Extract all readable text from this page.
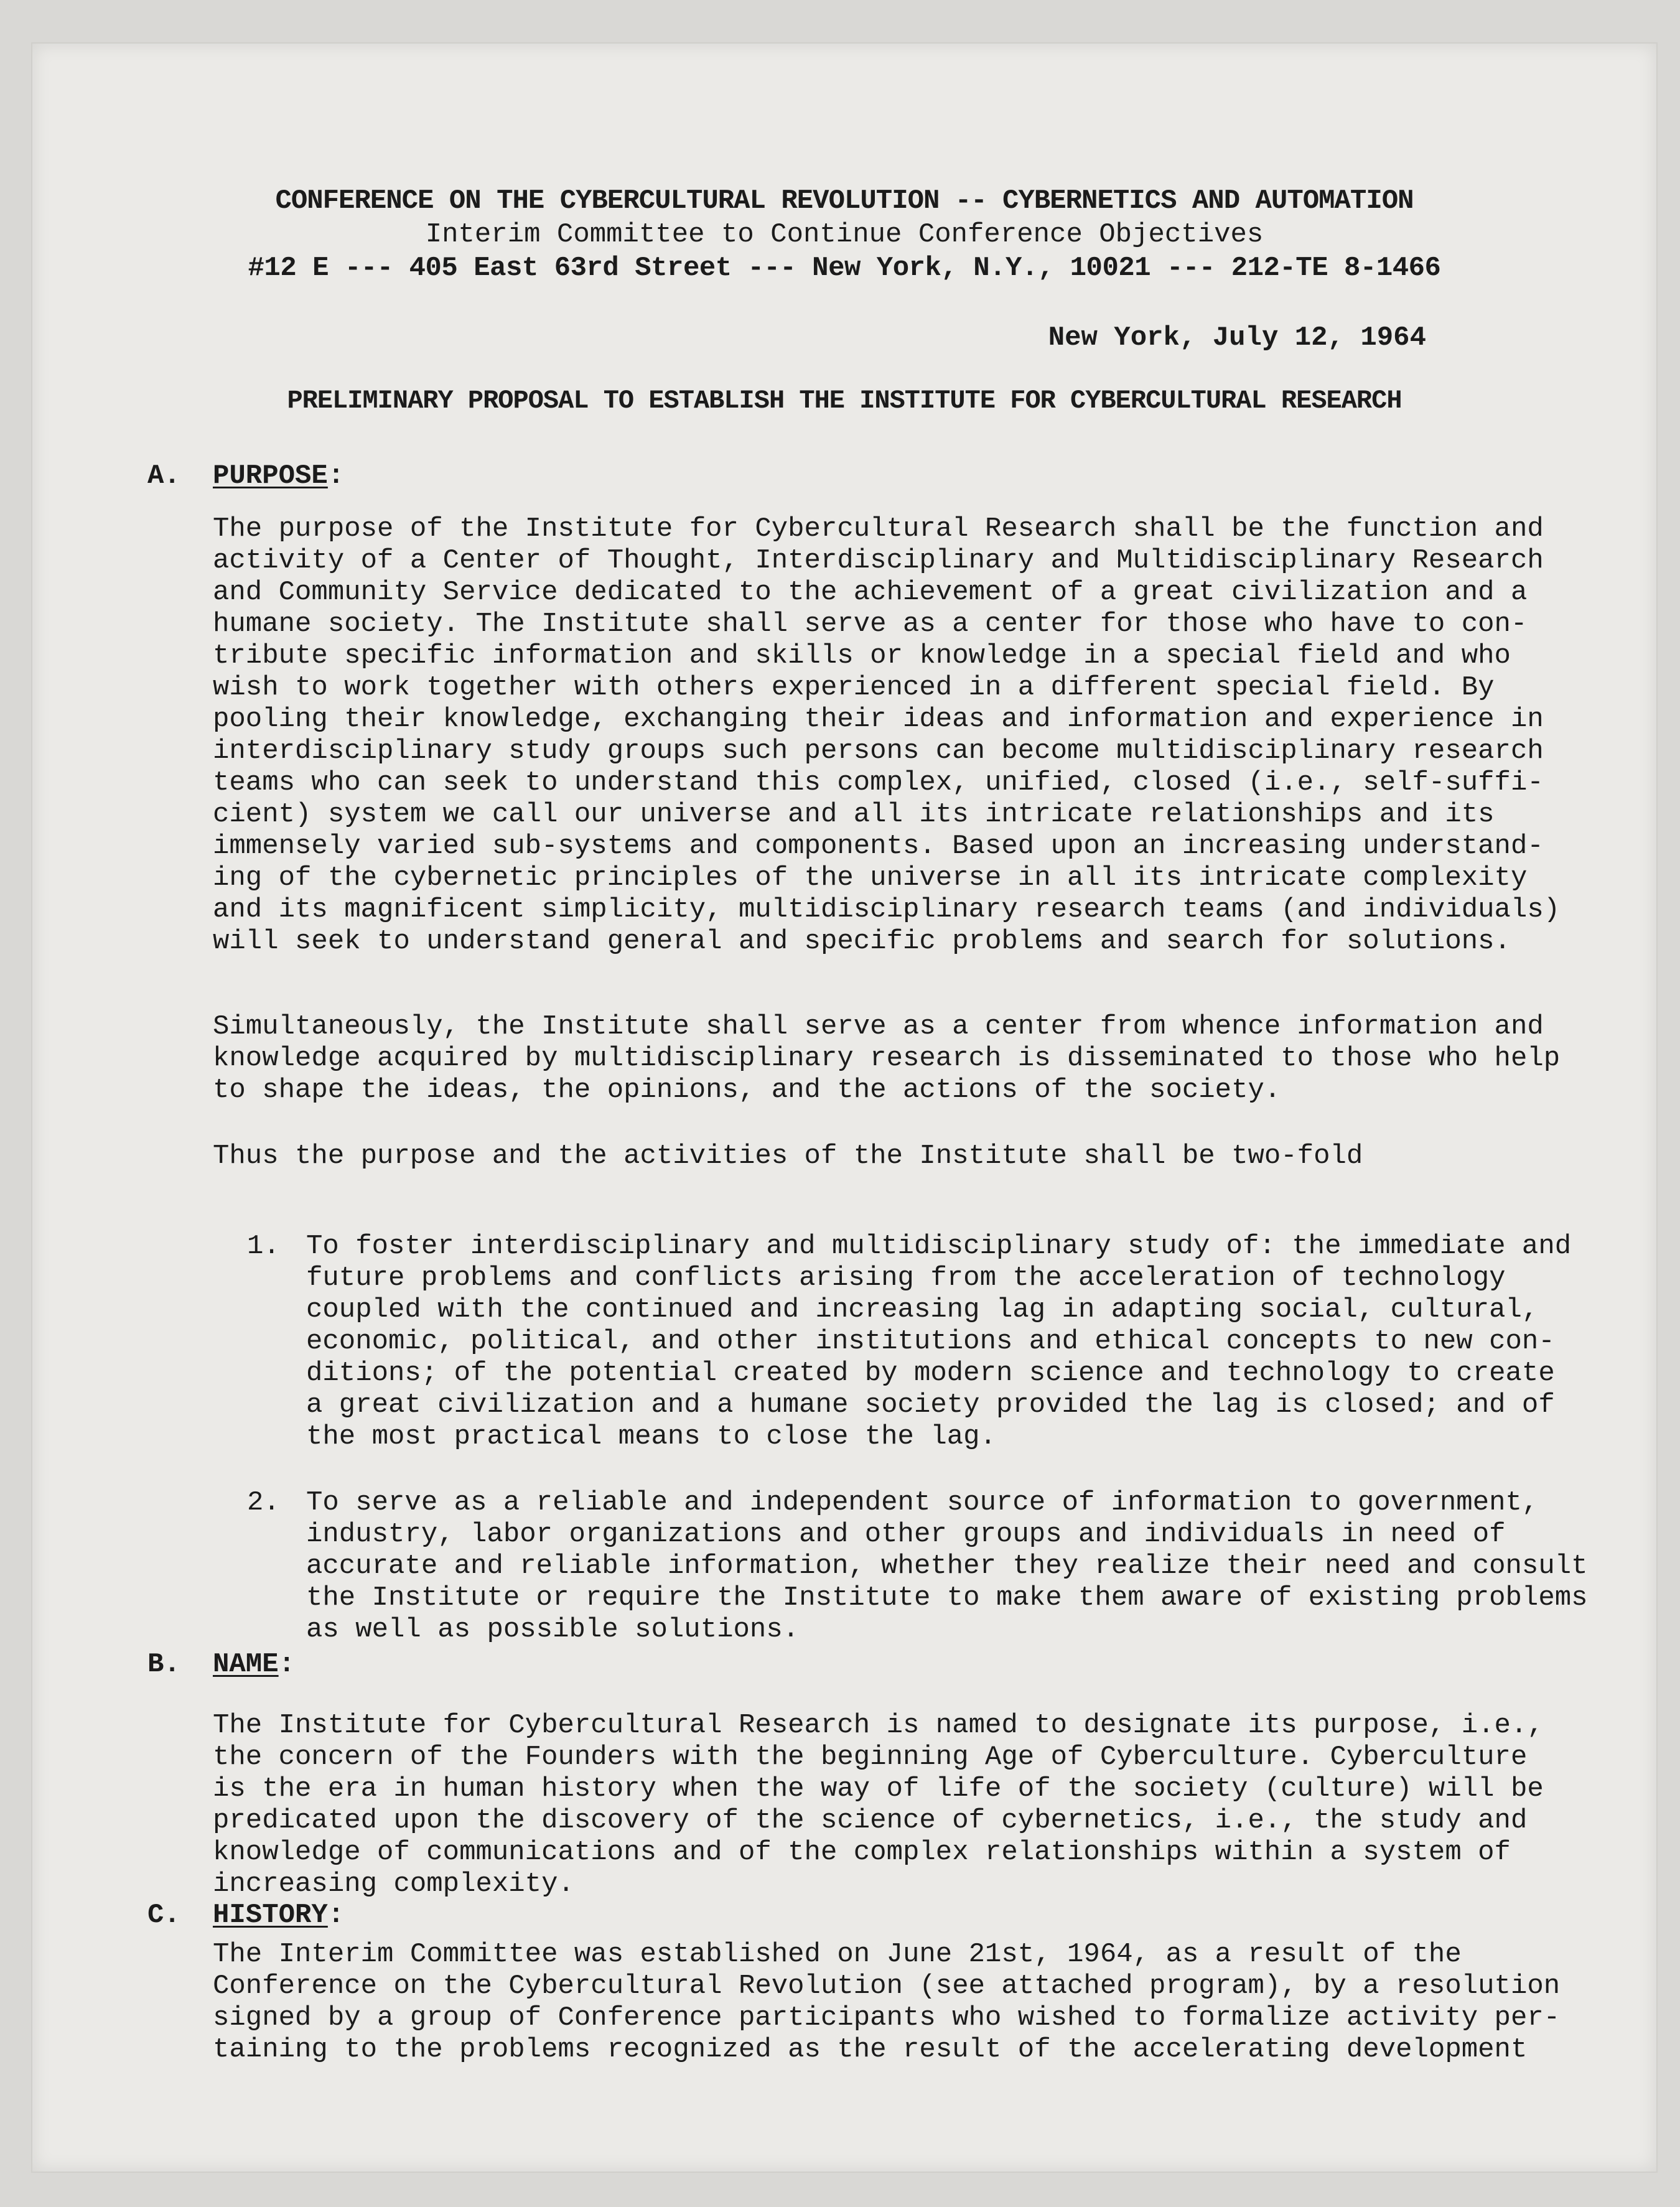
CONFERENCE ON THE CYBERCULTURAL REVOLUTION -- CYBERNETICS AND AUTOMATION
Interim Committee to Continue Conference Objectives
#12 E --- 405 East 63rd Street --- New York, N.Y., 10021 --- 212-TE 8-1466
New York, July 12, 1964
PRELIMINARY PROPOSAL TO ESTABLISH THE INSTITUTE FOR CYBERCULTURAL RESEARCH
A. PURPOSE:
The purpose of the Institute for Cybercultural Research shall be the function and
activity of a Center of Thought, Interdisciplinary and Multidisciplinary Research
and Community Service dedicated to the achievement of a great civilization and a
humane society. The Institute shall serve as a center for those who have to con-
tribute specific information and skills or knowledge in a special field and who
wish to work together with others experienced in a different special field. By
pooling their knowledge, exchanging their ideas and information and experience in
interdisciplinary study groups such persons can become multidisciplinary research
teams who can seek to understand this complex, unified, closed (i.e., self-suffi-
cient) system we call our universe and all its intricate relationships and its
immensely varied sub-systems and components. Based upon an increasing understand-
ing of the cybernetic principles of the universe in all its intricate complexity
and its magnificent simplicity, multidisciplinary research teams (and individuals)
will seek to understand general and specific problems and search for solutions.
Simultaneously, the Institute shall serve as a center from whence information and
knowledge acquired by multidisciplinary research is disseminated to those who help
to shape the ideas, the opinions, and the actions of the society.
Thus the purpose and the activities of the Institute shall be two-fold
1. To foster interdisciplinary and multidisciplinary study of: the immediate and
future problems and conflicts arising from the acceleration of technology
coupled with the continued and increasing lag in adapting social, cultural,
economic, political, and other institutions and ethical concepts to new con-
ditions; of the potential created by modern science and technology to create
a great civilization and a humane society provided the lag is closed; and of
the most practical means to close the lag.
2. To serve as a reliable and independent source of information to government,
industry, labor organizations and other groups and individuals in need of
accurate and reliable information, whether they realize their need and consult
the Institute or require the Institute to make them aware of existing problems
as well as possible solutions.
B. NAME:
The Institute for Cybercultural Research is named to designate its purpose, i.e.,
the concern of the Founders with the beginning Age of Cyberculture. Cyberculture
is the era in human history when the way of life of the society (culture) will be
predicated upon the discovery of the science of cybernetics, i.e., the study and
knowledge of communications and of the complex relationships within a system of
increasing complexity.
C. HISTORY:
The Interim Committee was established on June 21st, 1964, as a result of the
Conference on the Cybercultural Revolution (see attached program), by a resolution
signed by a group of Conference participants who wished to formalize activity per-
taining to the problems recognized as the result of the accelerating development
